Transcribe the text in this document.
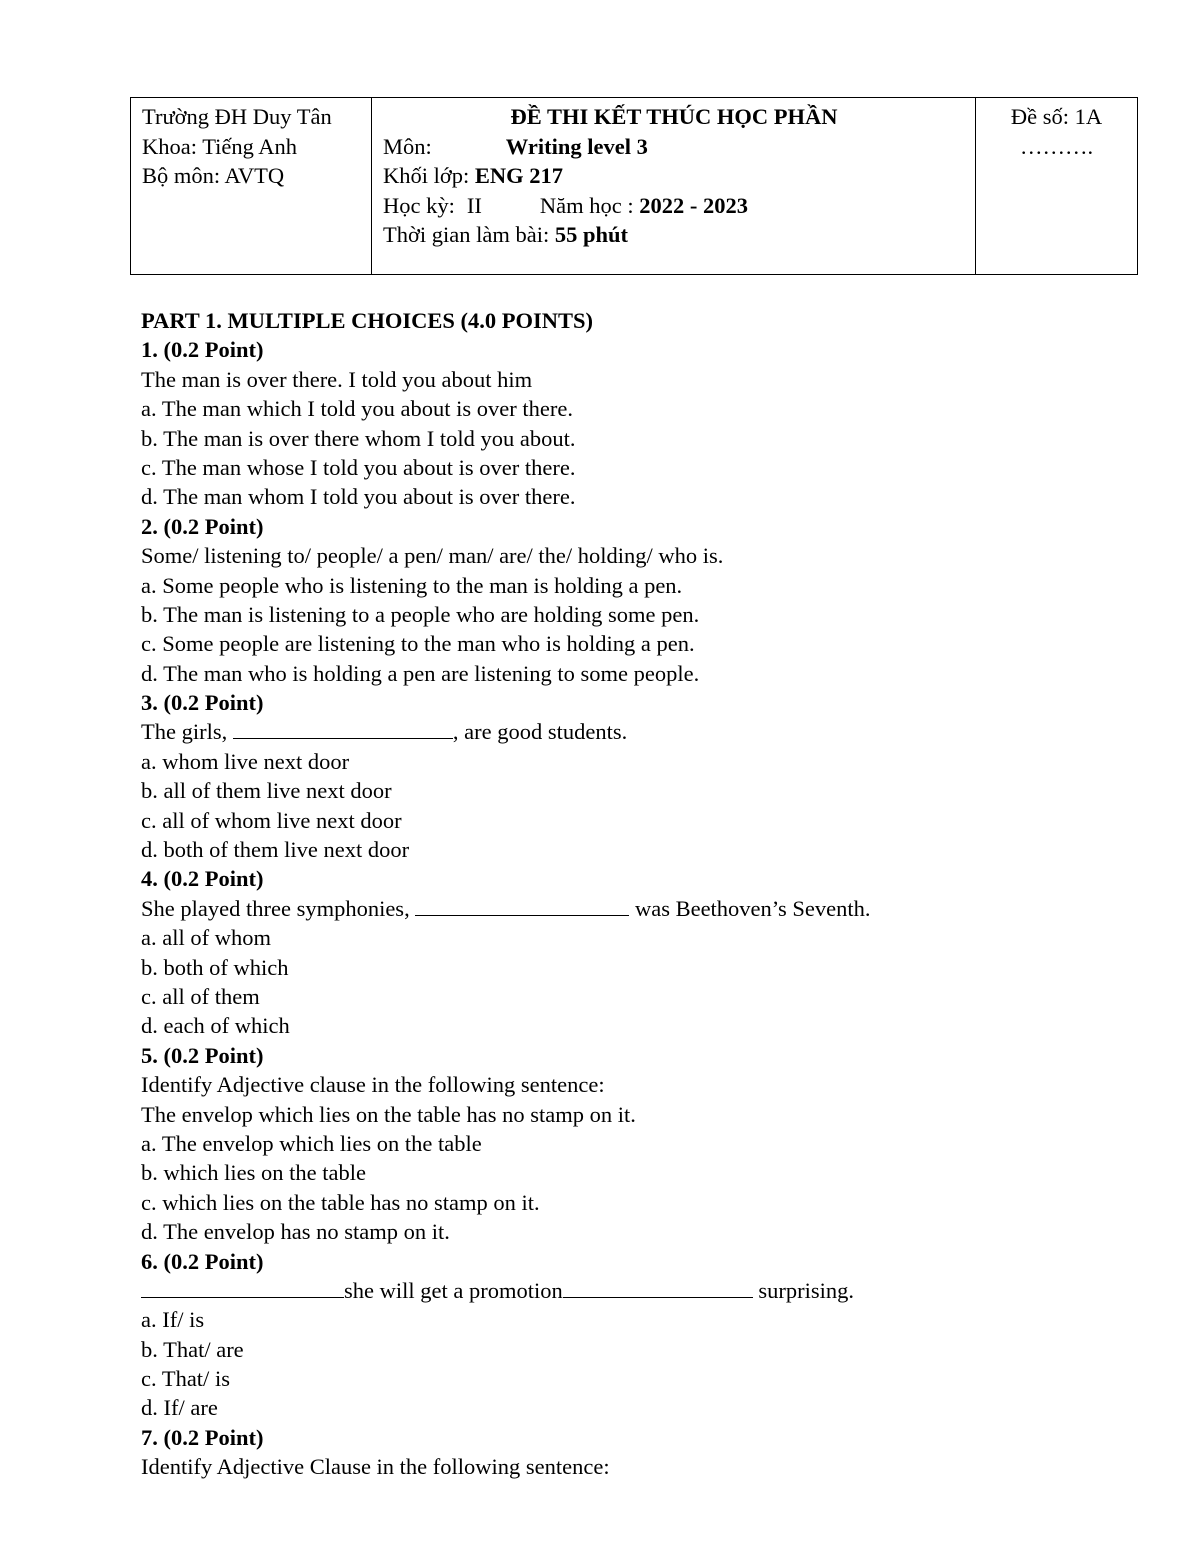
Trường ĐH Duy Tân
Khoa: Tiếng Anh
Bộ môn: AVTQ

ĐỀ THI KẾT THÚC HỌC PHẦN
Môn:	Writing level 3
Khối lớp: ENG 217
Học kỳ: II	Năm học : 2022 - 2023
Thời gian làm bài: 55 phút

Đề số: 1A
……….
PART 1. MULTIPLE CHOICES (4.0 POINTS)
1. (0.2 Point)
The man is over there. I told you about him
a. The man which I told you about is over there.
b. The man is over there whom I told you about.
c. The man whose I told you about is over there.
d. The man whom I told you about is over there.
2. (0.2 Point)
Some/ listening to/ people/ a pen/ man/ are/ the/ holding/ who is.
a. Some people who is listening to the man is holding a pen.
b. The man is listening to a people who are holding some pen.
c. Some people are listening to the man who is holding a pen.
d. The man who is holding a pen are listening to some people.
3. (0.2 Point)
The girls,	, are good students.
a. whom live next door
b. all of them live next door
c. all of whom live next door
d. both of them live next door
4. (0.2 Point)
She played three symphonies,	was Beethoven’s Seventh.
a. all of whom
b. both of which
c. all of them
d. each of which
5. (0.2 Point)
Identify Adjective clause in the following sentence:
The envelop which lies on the table has no stamp on it.
a. The envelop which lies on the table
b. which lies on the table
c. which lies on the table has no stamp on it.
d. The envelop has no stamp on it.
6. (0.2 Point)
she will get a promotion	surprising.
a. If/ is
b. That/ are
c. That/ is
d. If/ are
7. (0.2 Point)
Identify Adjective Clause in the following sentence:
